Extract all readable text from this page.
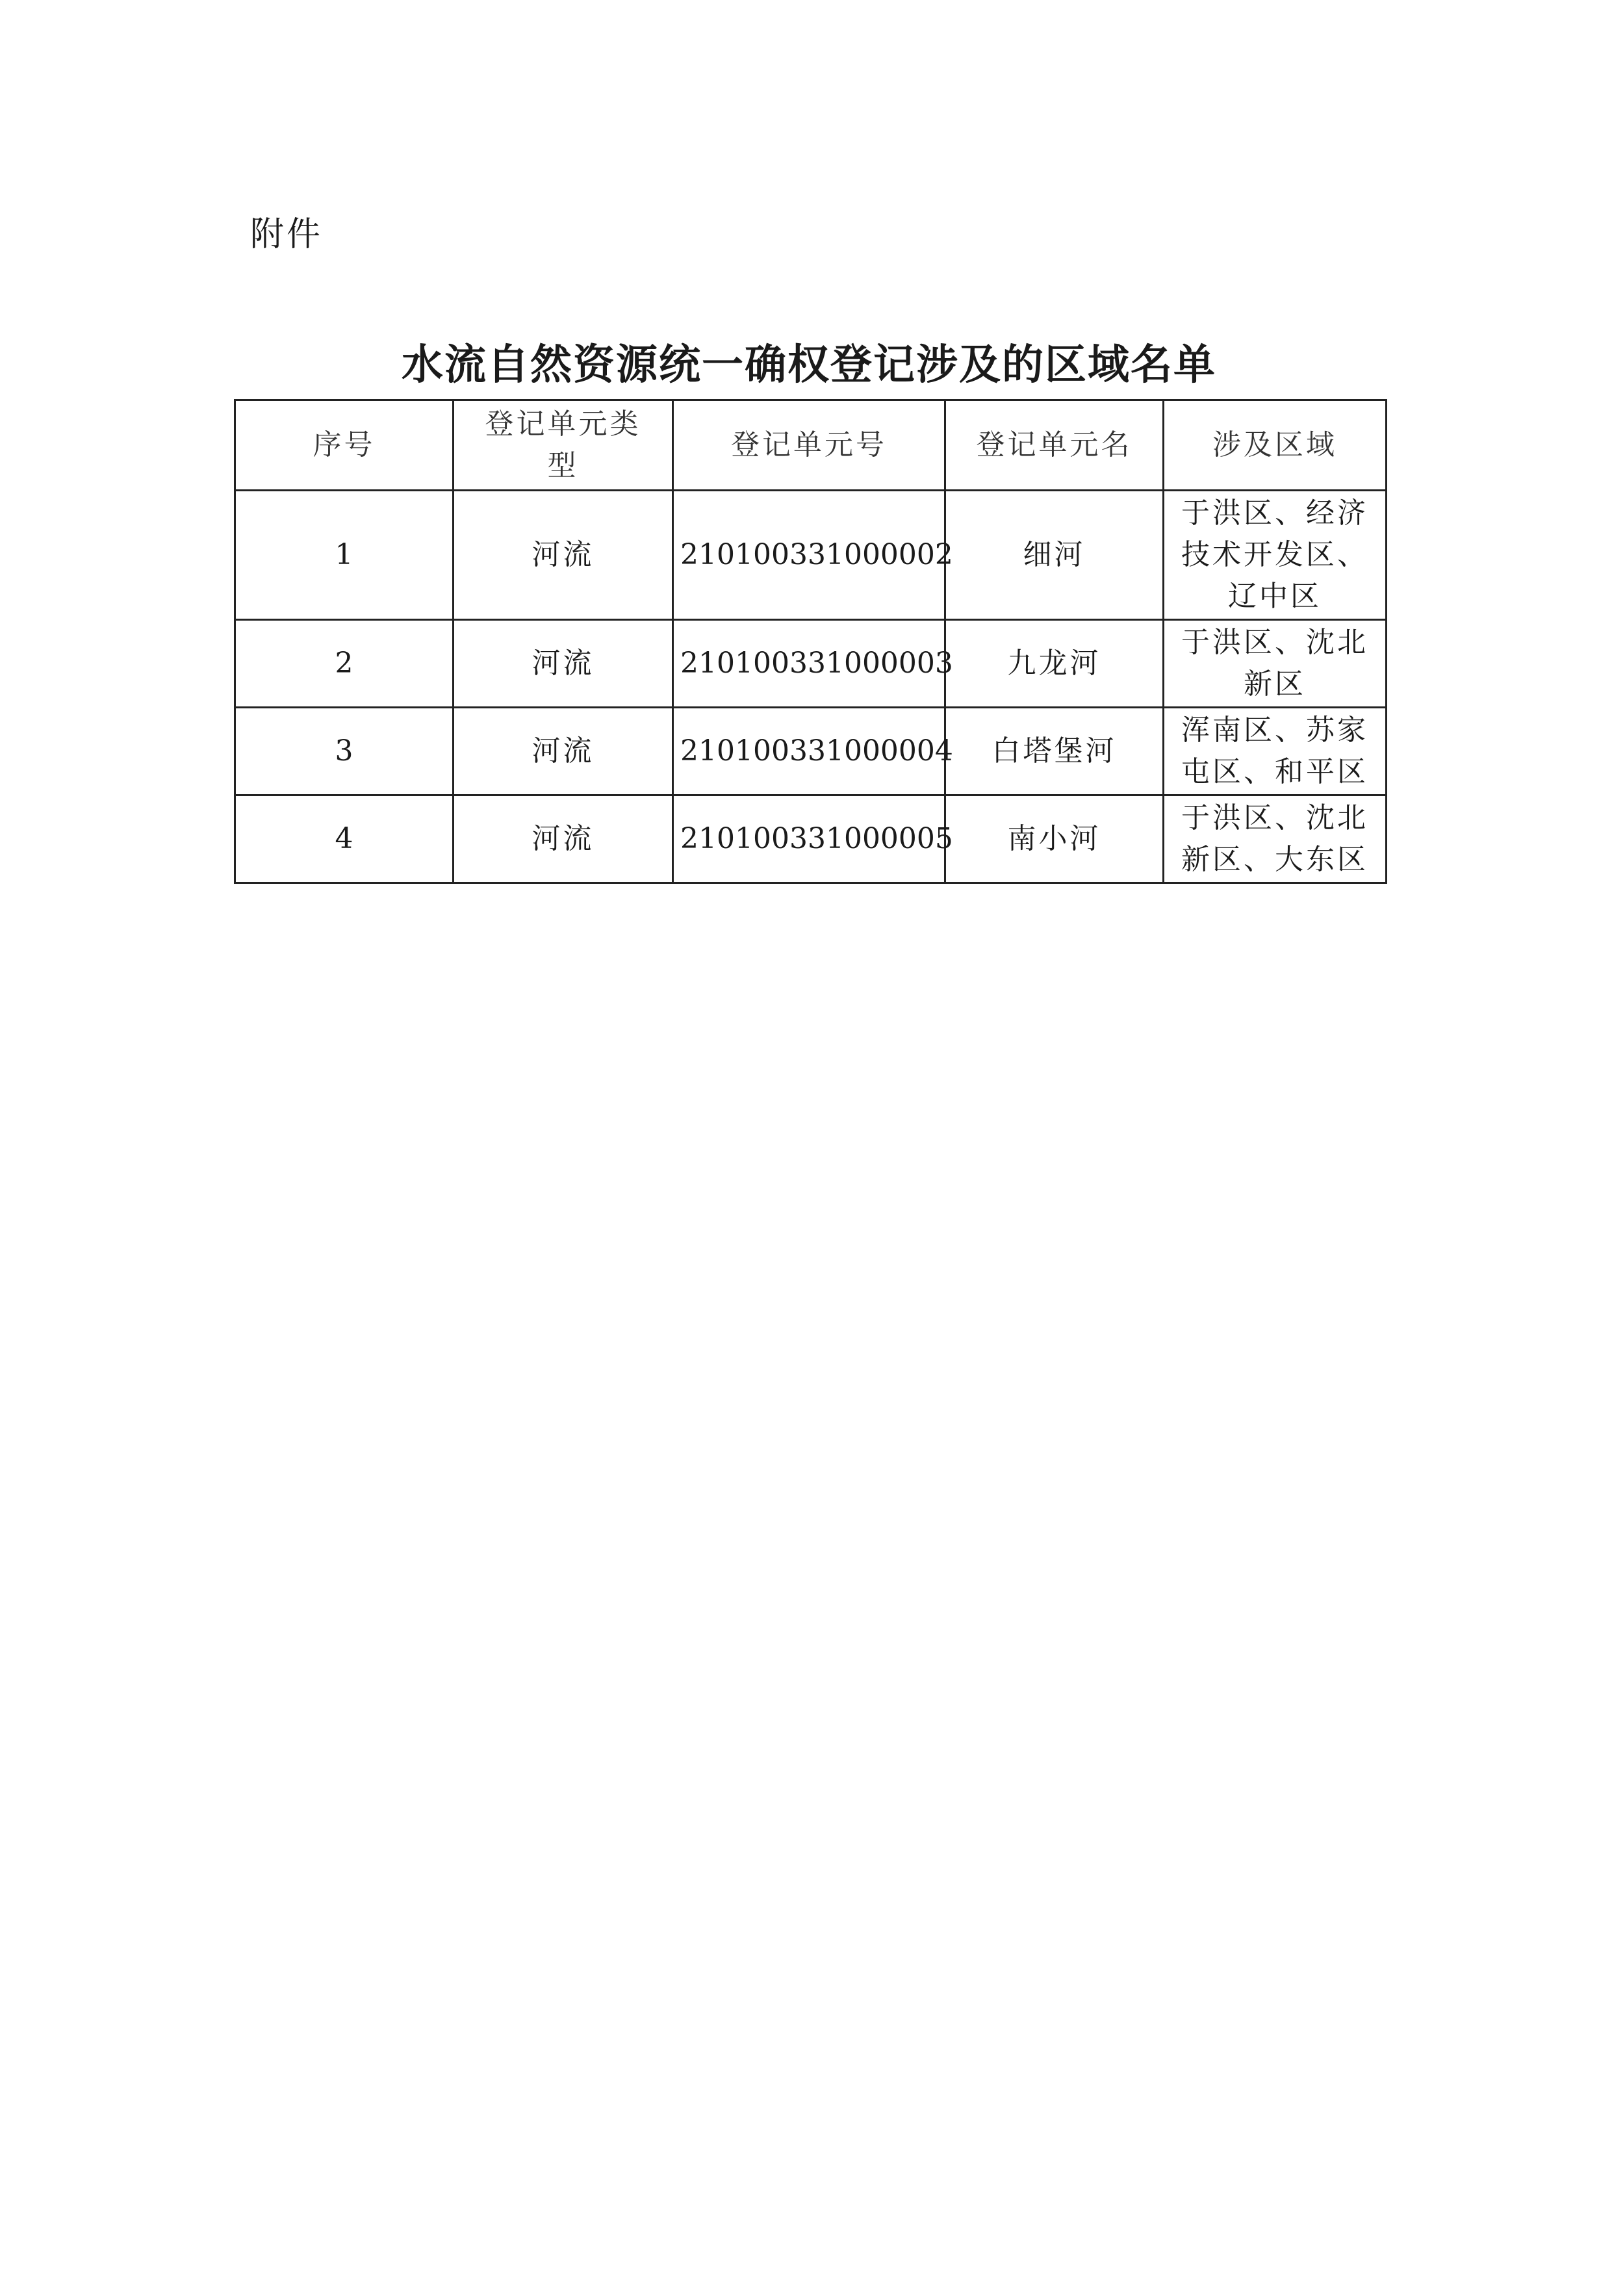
附件
水流自然资源统一确权登记涉及的区域名单
序号	登记单元类型	登记单元号	登记单元名	涉及区域
1	河流	210100331000002	细河	于洪区、经济技术开发区、辽中区
2	河流	210100331000003	九龙河	于洪区、沈北新区
3	河流	210100331000004	白塔堡河	浑南区、苏家屯区、和平区
4	河流	210100331000005	南小河	于洪区、沈北新区、大东区
